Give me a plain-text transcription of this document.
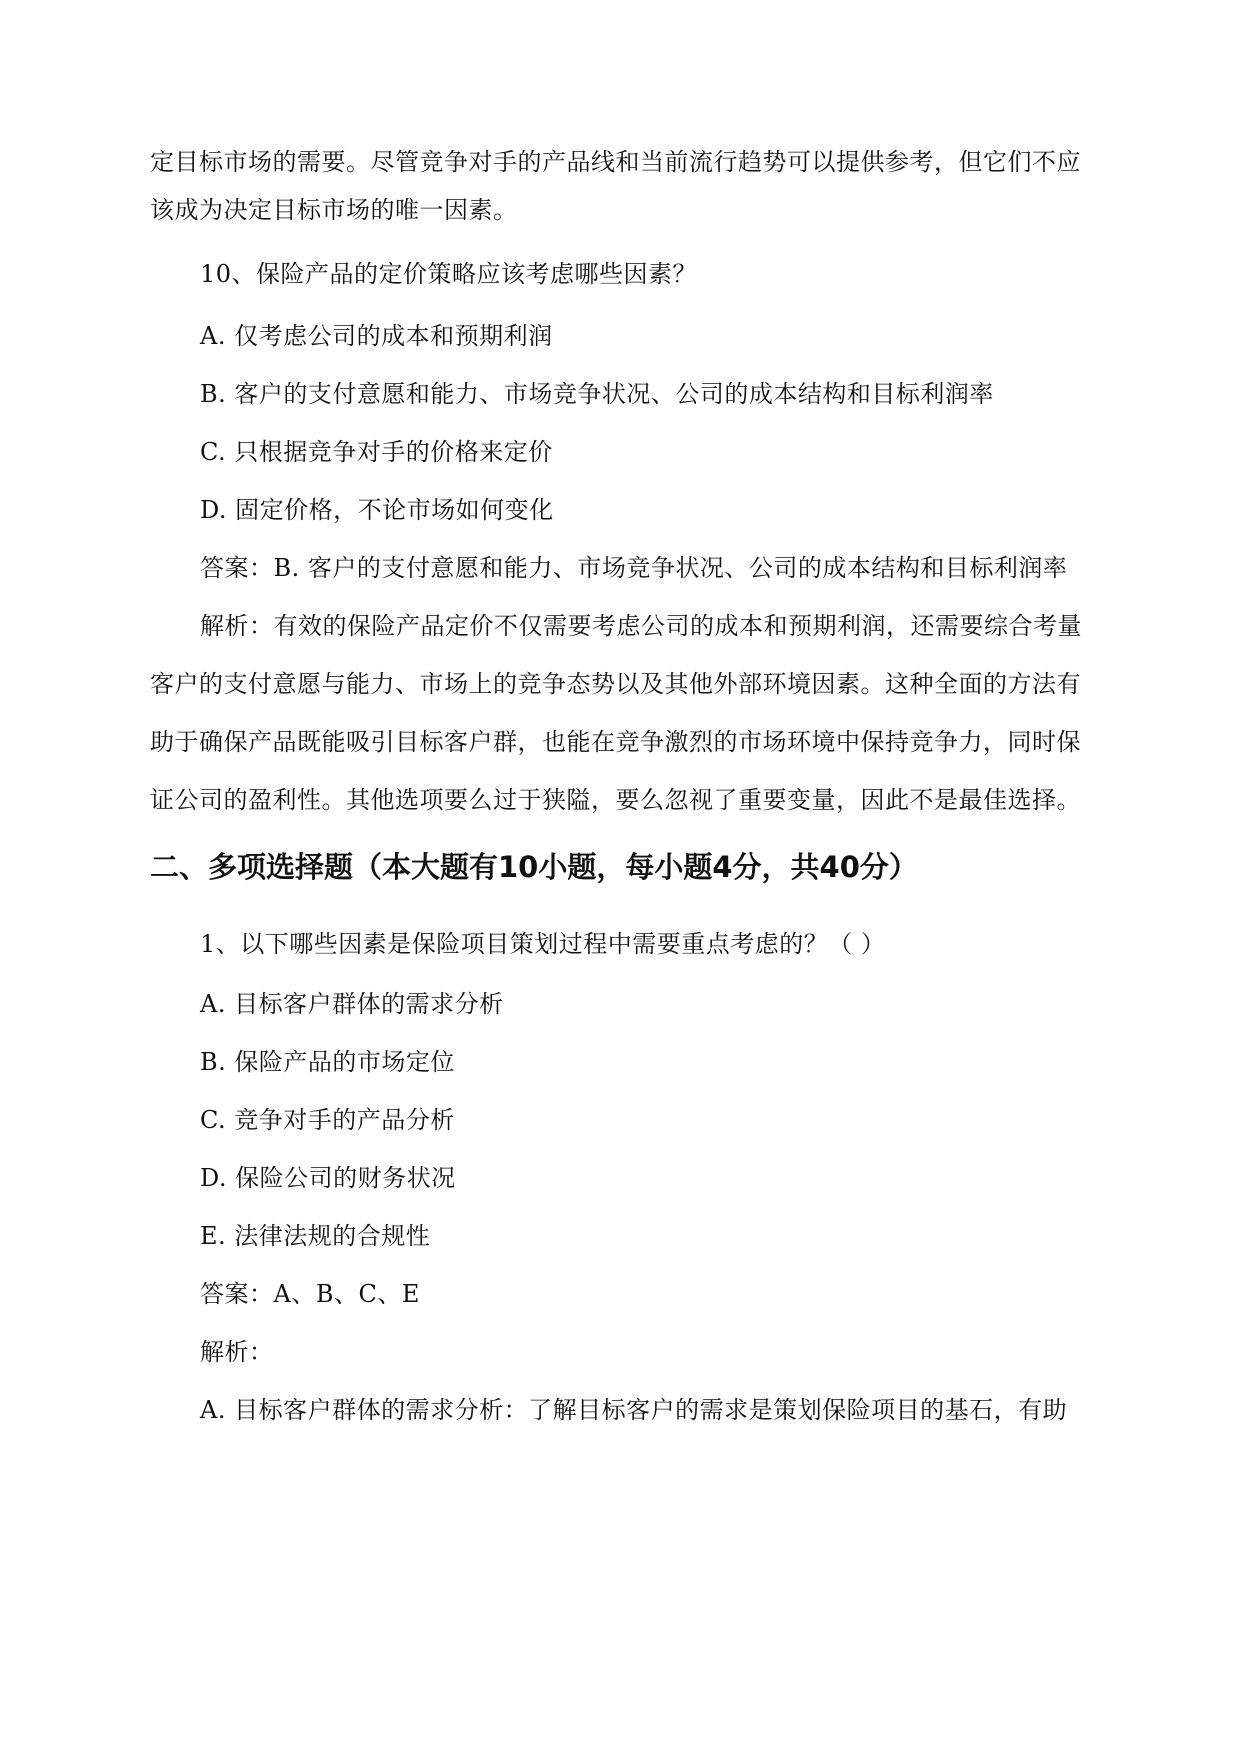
定目标市场的需要。尽管竞争对手的产品线和当前流行趋势可以提供参考，但它们不应
该成为决定目标市场的唯一因素。
10、保险产品的定价策略应该考虑哪些因素？
A. 仅考虑公司的成本和预期利润
B. 客户的支付意愿和能力、市场竞争状况、公司的成本结构和目标利润率
C. 只根据竞争对手的价格来定价
D. 固定价格，不论市场如何变化
答案：B. 客户的支付意愿和能力、市场竞争状况、公司的成本结构和目标利润率
解析：有效的保险产品定价不仅需要考虑公司的成本和预期利润，还需要综合考量
客户的支付意愿与能力、市场上的竞争态势以及其他外部环境因素。这种全面的方法有
助于确保产品既能吸引目标客户群，也能在竞争激烈的市场环境中保持竞争力，同时保
证公司的盈利性。其他选项要么过于狭隘，要么忽视了重要变量，因此不是最佳选择。
二、多项选择题（本大题有10小题，每小题4分，共40分）
1、以下哪些因素是保险项目策划过程中需要重点考虑的？（ ）
A. 目标客户群体的需求分析
B. 保险产品的市场定位
C. 竞争对手的产品分析
D. 保险公司的财务状况
E. 法律法规的合规性
答案：A、B、C、E
解析：
A. 目标客户群体的需求分析：了解目标客户的需求是策划保险项目的基石，有助
